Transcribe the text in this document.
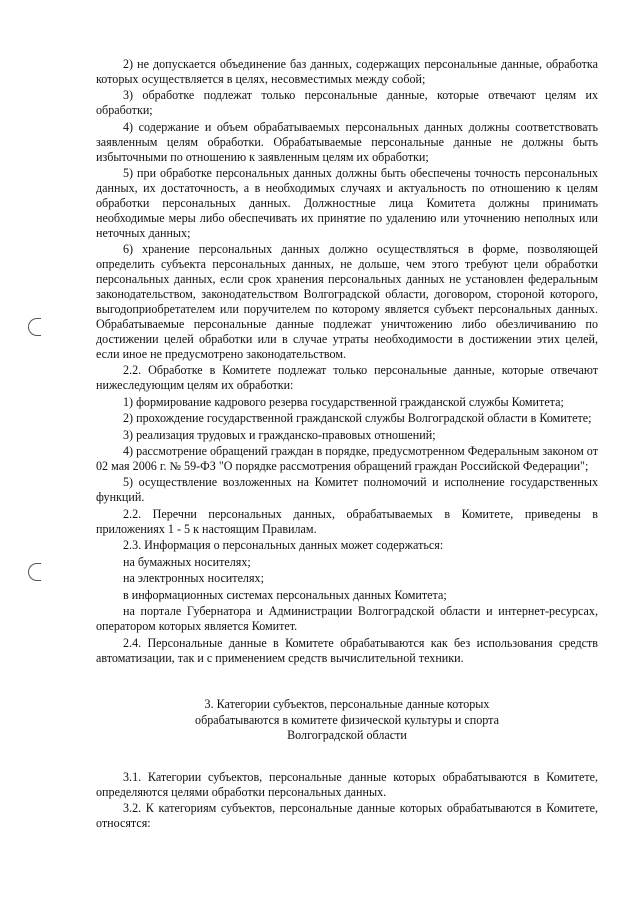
2) не допускается объединение баз данных, содержащих персональные данные, обработка которых осуществляется в целях, несовместимых между собой;

3) обработке подлежат только персональные данные, которые отвечают целям их обработки;

4) содержание и объем обрабатываемых персональных данных должны соответствовать заявленным целям обработки. Обрабатываемые персональные данные не должны быть избыточными по отношению к заявленным целям их обработки;

5) при обработке персональных данных должны быть обеспечены точность персональных данных, их достаточность, а в необходимых случаях и актуальность по отношению к целям обработки персональных данных. Должностные лица Комитета должны принимать необходимые меры либо обеспечивать их принятие по удалению или уточнению неполных или неточных данных;

6) хранение персональных данных должно осуществляться в форме, позволяющей определить субъекта персональных данных, не дольше, чем этого требуют цели обработки персональных данных, если срок хранения персональных данных не установлен федеральным законодательством, законодательством Волгоградской области, договором, стороной которого, выгодоприобретателем или поручителем по которому является субъект персональных данных. Обрабатываемые персональные данные подлежат уничтожению либо обезличиванию по достижении целей обработки или в случае утраты необходимости в достижении этих целей, если иное не предусмотрено законодательством.

2.2. Обработке в Комитете подлежат только персональные данные, которые отвечают нижеследующим целям их обработки:

1) формирование кадрового резерва государственной гражданской службы Комитета;

2) прохождение государственной гражданской службы Волгоградской области в Комитете;

3) реализация трудовых и гражданско-правовых отношений;

4) рассмотрение обращений граждан в порядке, предусмотренном Федеральным законом от 02 мая 2006 г. № 59-ФЗ "О порядке рассмотрения обращений граждан Российской Федерации";

5) осуществление возложенных на Комитет полномочий и исполнение государственных функций.

2.2. Перечни персональных данных, обрабатываемых в Комитете, приведены в приложениях 1 - 5 к настоящим Правилам.

2.3. Информация о персональных данных может содержаться:

на бумажных носителях;

на электронных носителях;

в информационных системах персональных данных Комитета;

на портале Губернатора и Администрации Волгоградской области и интернет-ресурсах, оператором которых является Комитет.

2.4. Персональные данные в Комитете обрабатываются как без использования средств автоматизации, так и с применением средств вычислительной техники.

3. Категории субъектов, персональные данные которых
обрабатываются в комитете физической культуры и спорта
Волгоградской области

3.1. Категории субъектов, персональные данные которых обрабатываются в Комитете, определяются целями обработки персональных данных.

3.2. К категориям субъектов, персональные данные которых обрабатываются в Комитете, относятся:
